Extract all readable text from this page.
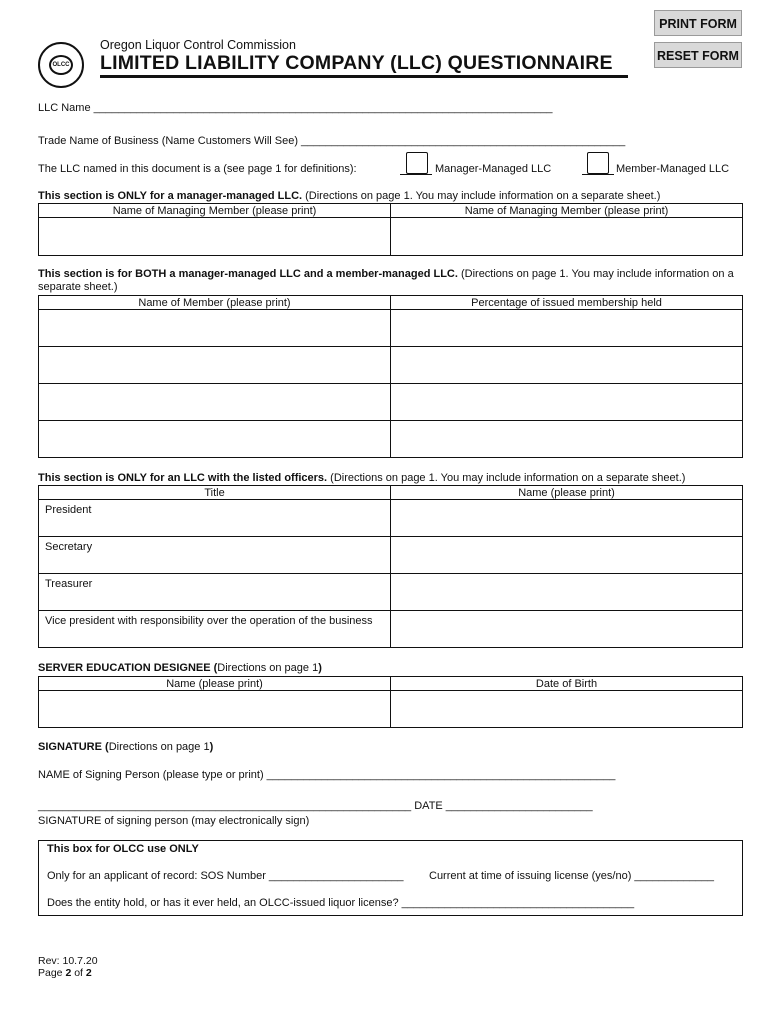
PRINT FORM
RESET FORM
OLCC
Oregon Liquor Control Commission
LIMITED LIABILITY COMPANY (LLC) QUESTIONNAIRE
LLC Name ___________________________________________________________________________
Trade Name of Business (Name Customers Will See) _____________________________________________________
The LLC named in this document is a (see page 1 for definitions):	Manager-Managed LLC	Member-Managed LLC
This section is ONLY for a manager-managed LLC. (Directions on page 1. You may include information on a separate sheet.)
Name of Managing Member (please print)	Name of Managing Member (please print)

This section is for BOTH a manager-managed LLC and a member-managed LLC. (Directions on page 1. You may include information on a separate sheet.)
Name of Member (please print)	Percentage of issued membership held

This section is ONLY for an LLC with the listed officers. (Directions on page 1. You may include information on a separate sheet.)
Title	Name (please print)
President	
Secretary	
Treasurer	
Vice president with responsibility over the operation of the business	
SERVER EDUCATION DESIGNEE (Directions on page 1)
Name (please print)	Date of Birth

SIGNATURE (Directions on page 1)
NAME of Signing Person (please type or print) _________________________________________________________
_____________________________________________________________ DATE ________________________
SIGNATURE of signing person (may electronically sign)
This box for OLCC use ONLY
Only for an applicant of record: SOS Number ______________________ Current at time of issuing license (yes/no) _____________
Does the entity hold, or has it ever held, an OLCC-issued liquor license? ______________________________________
Rev: 10.7.20
Page 2 of 2
